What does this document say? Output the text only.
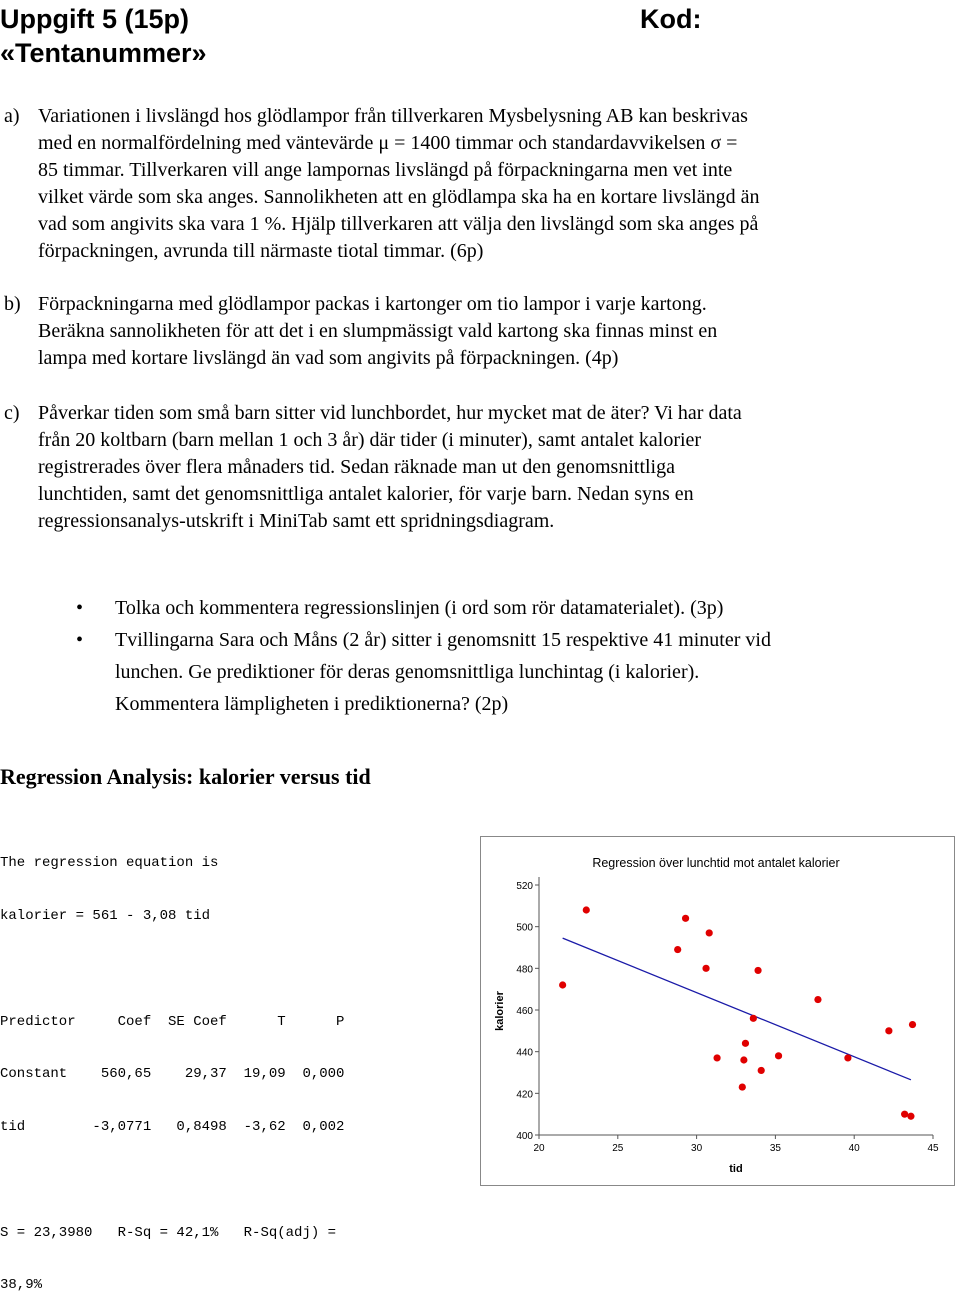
Uppgift 5 (15p)
«Tentanummer»
Kod:
a) Variationen i livslängd hos glödlampor från tillverkaren Mysbelysning AB kan beskrivas
med en normalfördelning med väntevärde μ = 1400 timmar och standardavvikelsen σ =
85 timmar. Tillverkaren vill ange lampornas livslängd på förpackningarna men vet inte
vilket värde som ska anges. Sannolikheten att en glödlampa ska ha en kortare livslängd än
vad som angivits ska vara 1 %. Hjälp tillverkaren att välja den livslängd som ska anges på
förpackningen, avrunda till närmaste tiotal timmar. (6p)
b) Förpackningarna med glödlampor packas i kartonger om tio lampor i varje kartong.
Beräkna sannolikheten för att det i en slumpmässigt vald kartong ska finnas minst en
lampa med kortare livslängd än vad som angivits på förpackningen. (4p)
c) Påverkar tiden som små barn sitter vid lunchbordet, hur mycket mat de äter? Vi har data
från 20 koltbarn (barn mellan 1 och 3 år) där tider (i minuter), samt antalet kalorier
registrerades över flera månaders tid. Sedan räknade man ut den genomsnittliga
lunchtiden, samt det genomsnittliga antalet kalorier, för varje barn. Nedan syns en
regressionsanalys-utskrift i MiniTab samt ett spridningsdiagram.
• Tolka och kommentera regressionslinjen (i ord som rör datamaterialet). (3p)
• Tvillingarna Sara och Måns (2 år) sitter i genomsnitt 15 respektive 41 minuter vid
lunchen. Ge prediktioner för deras genomsnittliga lunchintag (i kalorier).
Kommentera lämpligheten i prediktionerna? (2p)
Regression Analysis: kalorier versus tid

The regression equation is

kalorier = 561 - 3,08 tid

Predictor     Coef  SE Coef      T      P

Constant    560,65    29,37  19,09  0,000

tid        -3,0771   0,8498  -3,62  0,002

S = 23,3980   R-Sq = 42,1%   R-Sq(adj) =

38,9%

Regression över lunchtid mot antalet kalorier
kalorier
tid
400
420
440
460
480
500
520
20	25	30	35	40	45
